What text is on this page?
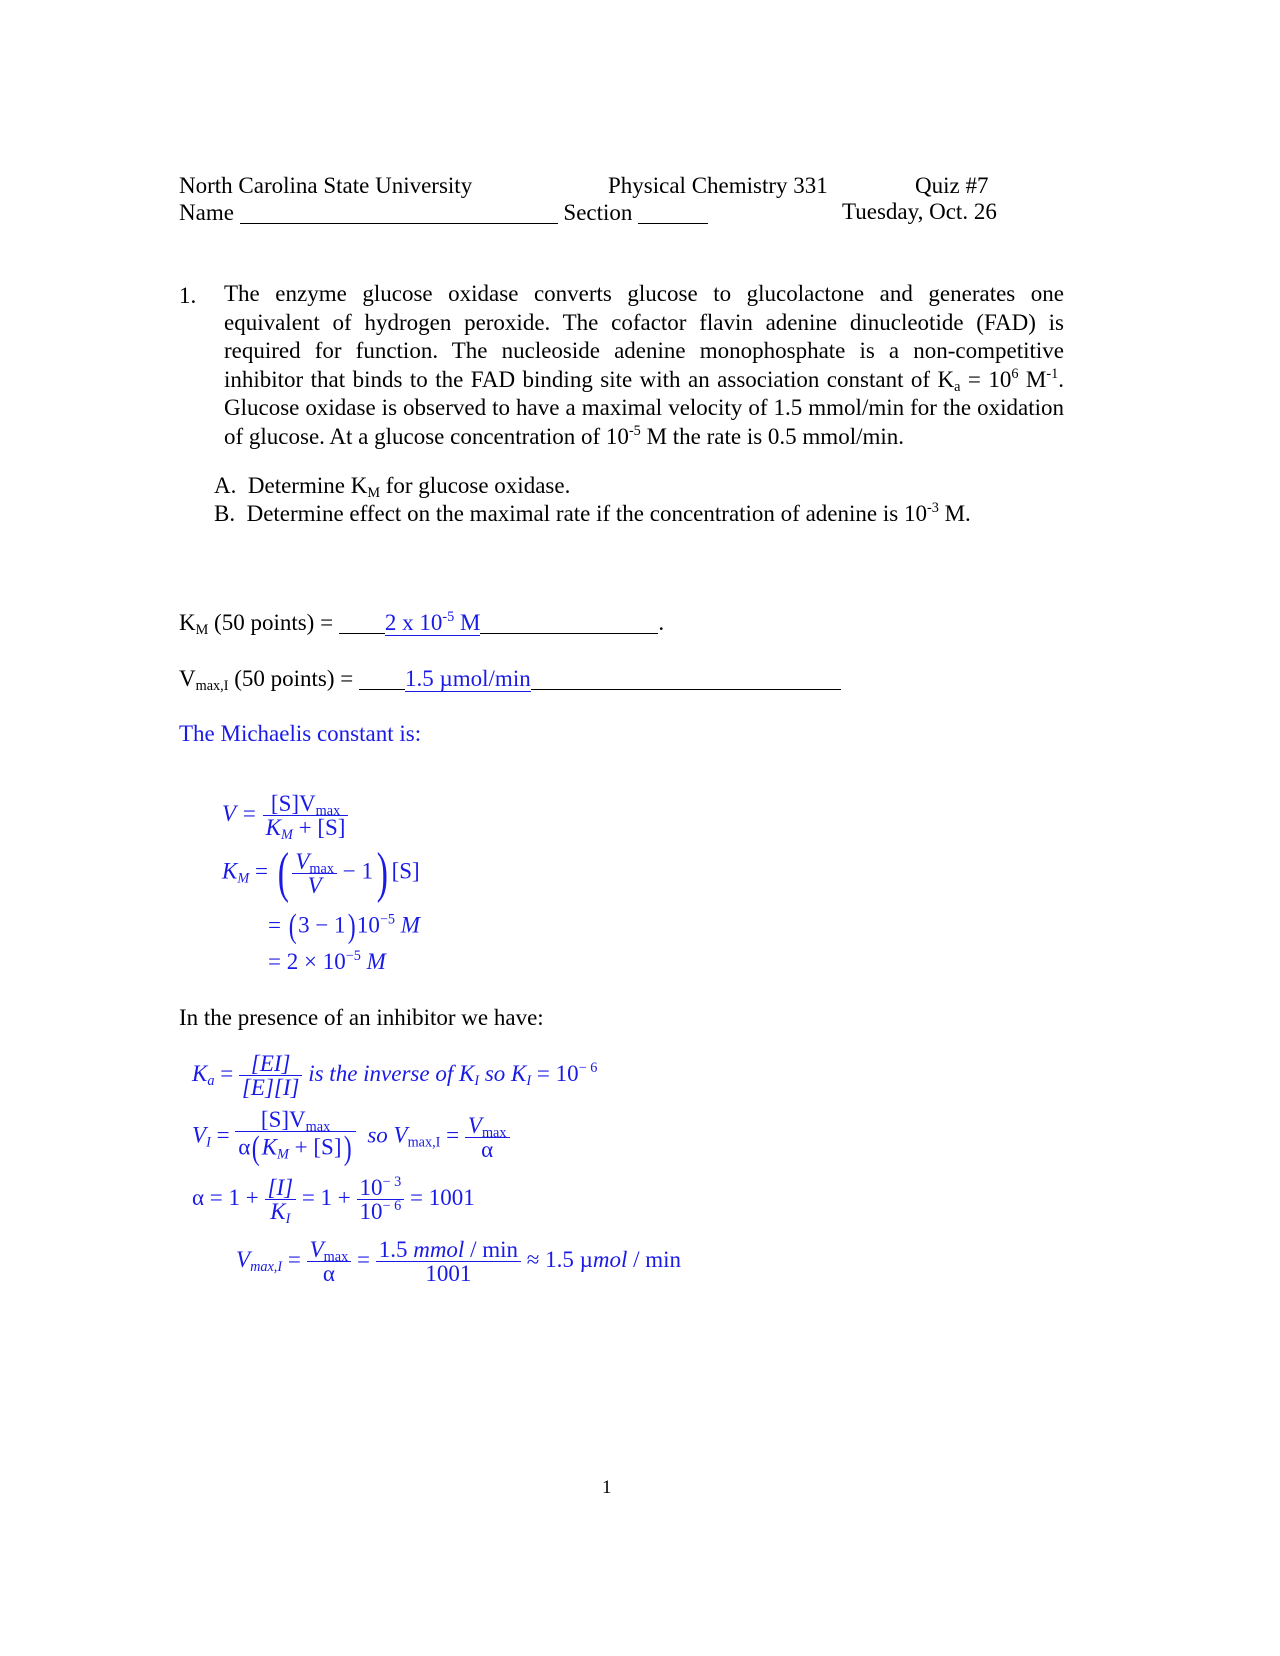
North Carolina State University	Physical Chemistry 331	Quiz #7
Name	Section	Tuesday, Oct. 26
1. The enzyme glucose oxidase converts glucose to glucolactone and generates one equivalent of hydrogen peroxide. The cofactor flavin adenine dinucleotide (FAD) is required for function. The nucleoside adenine monophosphate is a non-competitive inhibitor that binds to the FAD binding site with an association constant of $K_a = 10^6$ $M^{-1}$. Glucose oxidase is observed to have a maximal velocity of 1.5 mmol/min for the oxidation of glucose. At a glucose concentration of $10^{-5}$ M the rate is 0.5 mmol/min.
A. Determine $K_M$ for glucose oxidase.
B. Determine effect on the maximal rate if the concentration of adenine is $10^{-3}$ M.
$K_M$ (50 points) = 2 x $10^{-5}$ M	.
$V_{max,I}$ (50 points) = 1.5 µmol/min
The Michaelis constant is:
$V = \frac{[S]V_{max}}{K_M + [S]}$
$K_M$ = ( $\frac{V_{max}}{V} - 1$) [S]
= $(3 - 1)10^{-5}$ M
= $2 \times 10^{-5}$ M
In the presence of an inhibitor we have:
$K_a = \frac{[EI]}{[E][I]}$ is the inverse of $K_I$ so $K_I = 10^{- 6}$
$V_I = \frac{[S]V_{max}}{\alpha(K_M + [S])}$ so $V_{max,I} = \frac{V_{max}}{\alpha}$
$\alpha = 1 + \frac{[I]}{K_I} = 1 + \frac{10^{- 3}}{10^{- 6}} = 1001$
$V_{max,I} = \frac{V_{max}}{\alpha} = \frac{\text{1.5 mmol / min}}{1001} \approx 1.5$ µmol / min
1
